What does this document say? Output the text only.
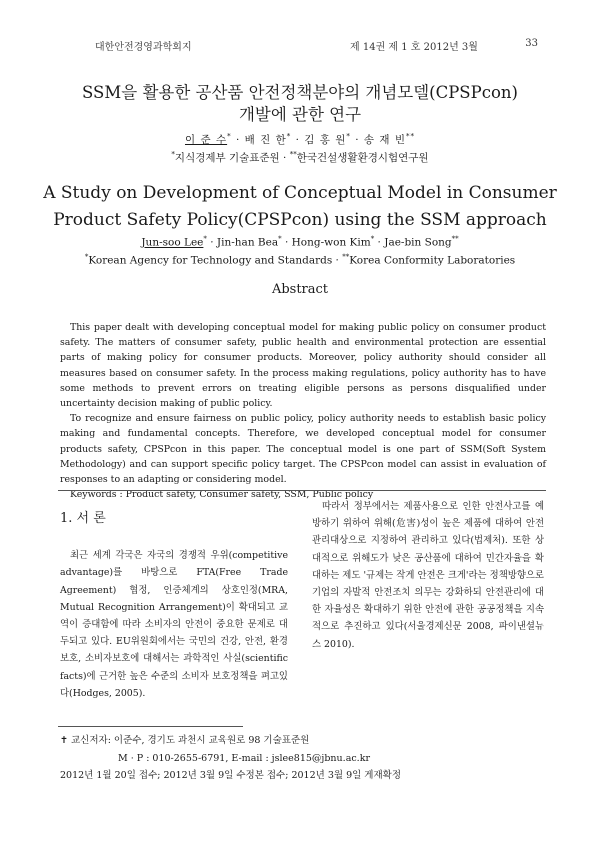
대한안전경영과학회지	제 14권 제 1 호 2012년 3월	33
SSM을 활용한 공산품 안전정책분야의 개념모델(CPSPcon)
개발에 관한 연구
이 준 수* · 배 진 한* · 김 홍 원* · 송 재 빈**
*지식경제부 기술표준원 · **한국건설생활환경시험연구원
A Study on Development of Conceptual Model in Consumer
Product Safety Policy(CPSPcon) using the SSM approach
Jun-soo Lee* · Jin-han Bea* · Hong-won Kim* · Jae-bin Song**
*Korean Agency for Technology and Standards · **Korea Conformity Laboratories
Abstract

This paper dealt with developing conceptual model for making public policy on consumer product safety. The matters of consumer safety, public health and environmental protection are essential parts of making policy for consumer products. Moreover, policy authority should consider all measures based on consumer safety. In the process making regulations, policy authority has to have some methods to prevent errors on treating eligible persons as persons disqualified under uncertainty decision making of public policy.

To recognize and ensure fairness on public policy, policy authority needs to establish basic policy making and fundamental concepts. Therefore, we developed conceptual model for consumer products safety, CPSPcon in this paper. The conceptual model is one part of SSM(Soft System Methodology) and can support specific policy target. The CPSPcon model can assist in evaluation of responses to an adapting or considering model.

Keywords : Product safety, Consumer safety, SSM, Public policy

1. 서 론

최근 세계 각국은 자국의 경쟁적 우위(competitive advantage)를 바탕으로 FTA(Free Trade Agreement) 협정, 인증체계의 상호인정(MRA, Mutual Recognition Arrangement)이 확대되고 교역이 증대함에 따라 소비자의 안전이 중요한 문제로 대두되고 있다. EU위원회에서는 국민의 건강, 안전, 환경보호, 소비자보호에 대해서는 과학적인 사실(scientific facts)에 근거한 높은 수준의 소비자 보호정책을 펴고있다(Hodges, 2005).

따라서 정부에서는 제품사용으로 인한 안전사고를 예방하기 위하여 위해(危害)성이 높은 제품에 대하여 안전관리대상으로 지정하여 관리하고 있다(법제처). 또한 상대적으로 위해도가 낮은 공산품에 대하여 민간자율을 확대하는 제도 '규제는 작게 안전은 크게'라는 정책방향으로 기업의 자발적 안전조치 의무는 강화하되 안전관리에 대한 자율성은 확대하기 위한 안전에 관한 공공정책을 지속적으로 추진하고 있다(서울경제신문 2008, 파이낸셜뉴스 2010).

✝ 교신저자: 이준수, 경기도 과천시 교육원로 98 기술표준원
M · P : 010-2655-6791, E-mail : jslee815@jbnu.ac.kr
2012년 1월 20일 접수; 2012년 3월 9일 수정본 접수; 2012년 3월 9일 게재확정
